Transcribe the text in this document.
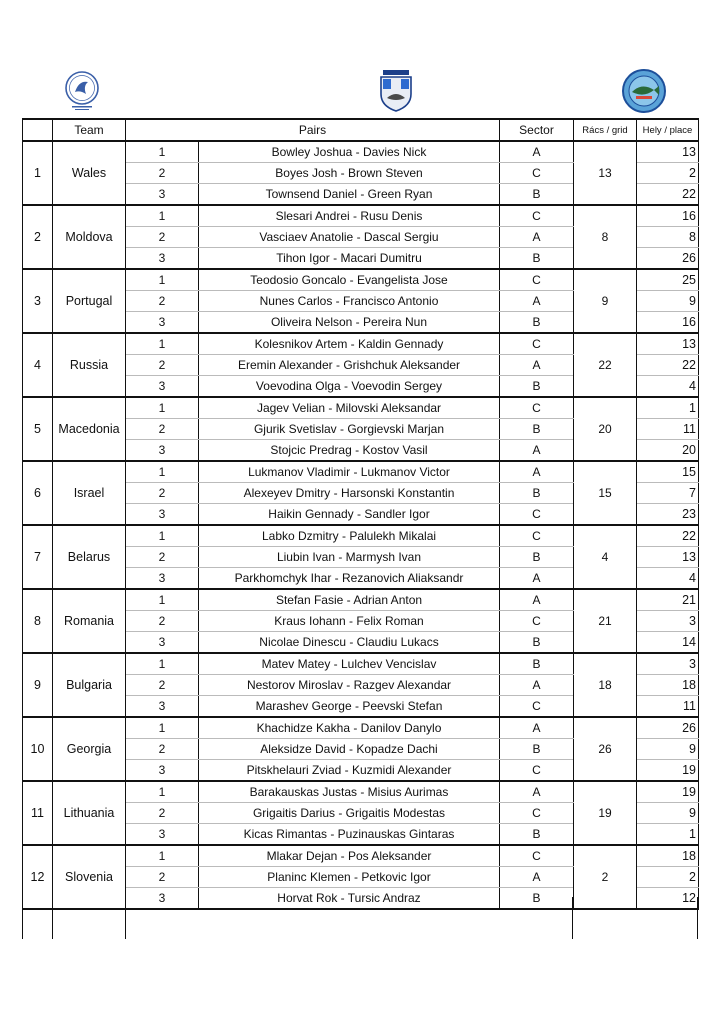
	Team	Pairs		Sector	Rács / grid	Hely / place
1	Wales	1	Bowley Joshua - Davies Nick	A	13	13
		2	Boyes Josh - Brown Steven	C		2
		3	Townsend Daniel - Green Ryan	B		22
2	Moldova	1	Slesari Andrei - Rusu Denis	C	8	16
		2	Vasciaev Anatolie - Dascal Sergiu	A		8
		3	Tihon Igor - Macari Dumitru	B		26
3	Portugal	1	Teodosio Goncalo - Evangelista Jose	C	9	25
		2	Nunes Carlos - Francisco Antonio	A		9
		3	Oliveira Nelson - Pereira Nun	B		16
4	Russia	1	Kolesnikov Artem - Kaldin Gennady	C	22	13
		2	Eremin Alexander - Grishchuk Aleksander	A		22
		3	Voevodina Olga - Voevodin Sergey	B		4
5	Macedonia	1	Jagev Velian - Milovski Aleksandar	C	20	1
		2	Gjurik Svetislav - Gorgievski Marjan	B		11
		3	Stojcic Predrag - Kostov Vasil	A		20
6	Israel	1	Lukmanov Vladimir - Lukmanov Victor	A	15	15
		2	Alexeyev Dmitry - Harsonski Konstantin	B		7
		3	Haikin Gennady - Sandler Igor	C		23
7	Belarus	1	Labko Dzmitry - Palulekh Mikalai	C	4	22
		2	Liubin Ivan - Marmysh Ivan	B		13
		3	Parkhomchyk Ihar - Rezanovich Aliaksandr	A		4
8	Romania	1	Stefan Fasie - Adrian Anton	A	21	21
		2	Kraus Iohann - Felix Roman	C		3
		3	Nicolae Dinescu - Claudiu Lukacs	B		14
9	Bulgaria	1	Matev Matey - Lulchev Vencislav	B	18	3
		2	Nestorov Miroslav - Razgev Alexandar	A		18
		3	Marashev George - Peevski Stefan	C		11
10	Georgia	1	Khachidze Kakha - Danilov Danylo	A	26	26
		2	Aleksidze David - Kopadze Dachi	B		9
		3	Pitskhelauri Zviad - Kuzmidi Alexander	C		19
11	Lithuania	1	Barakauskas Justas - Misius Aurimas	A	19	19
		2	Grigaitis Darius - Grigaitis Modestas	C		9
		3	Kicas Rimantas - Puzinauskas Gintaras	B		1
12	Slovenia	1	Mlakar Dejan - Pos Aleksander	C	2	18
		2	Planinc Klemen - Petkovic Igor	A		2
		3	Horvat Rok - Tursic Andraz	B		12
